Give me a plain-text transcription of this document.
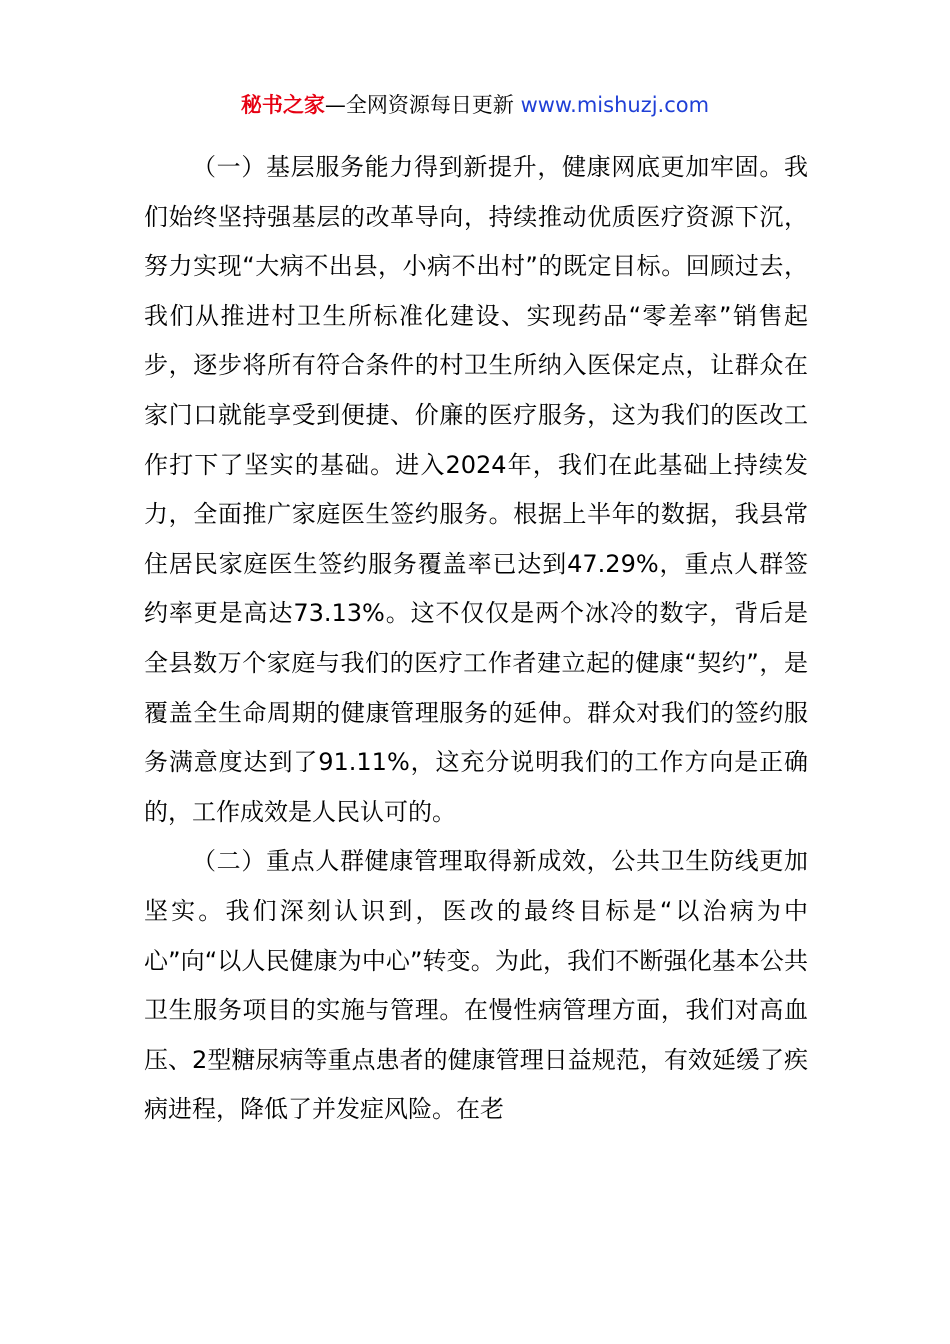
秘书之家—全网资源每日更新 www.mishuzj.com

（一）基层服务能力得到新提升，健康网底更加牢固。我们始终坚持强基层的改革导向，持续推动优质医疗资源下沉，努力实现“大病不出县，小病不出村”的既定目标。回顾过去，我们从推进村卫生所标准化建设、实现药品“零差率”销售起步，逐步将所有符合条件的村卫生所纳入医保定点，让群众在家门口就能享受到便捷、价廉的医疗服务，这为我们的医改工作打下了坚实的基础。进入2024年，我们在此基础上持续发力，全面推广家庭医生签约服务。根据上半年的数据，我县常住居民家庭医生签约服务覆盖率已达到47.29%，重点人群签约率更是高达73.13%。这不仅仅是两个冰冷的数字，背后是全县数万个家庭与我们的医疗工作者建立起的健康“契约”，是覆盖全生命周期的健康管理服务的延伸。群众对我们的签约服务满意度达到了91.11%，这充分说明我们的工作方向是正确的，工作成效是人民认可的。

（二）重点人群健康管理取得新成效，公共卫生防线更加坚实。我们深刻认识到，医改的最终目标是“以治病为中心”向“以人民健康为中心”转变。为此，我们不断强化基本公共卫生服务项目的实施与管理。在慢性病管理方面，我们对高血压、2型糖尿病等重点患者的健康管理日益规范，有效延缓了疾病进程，降低了并发症风险。在老
